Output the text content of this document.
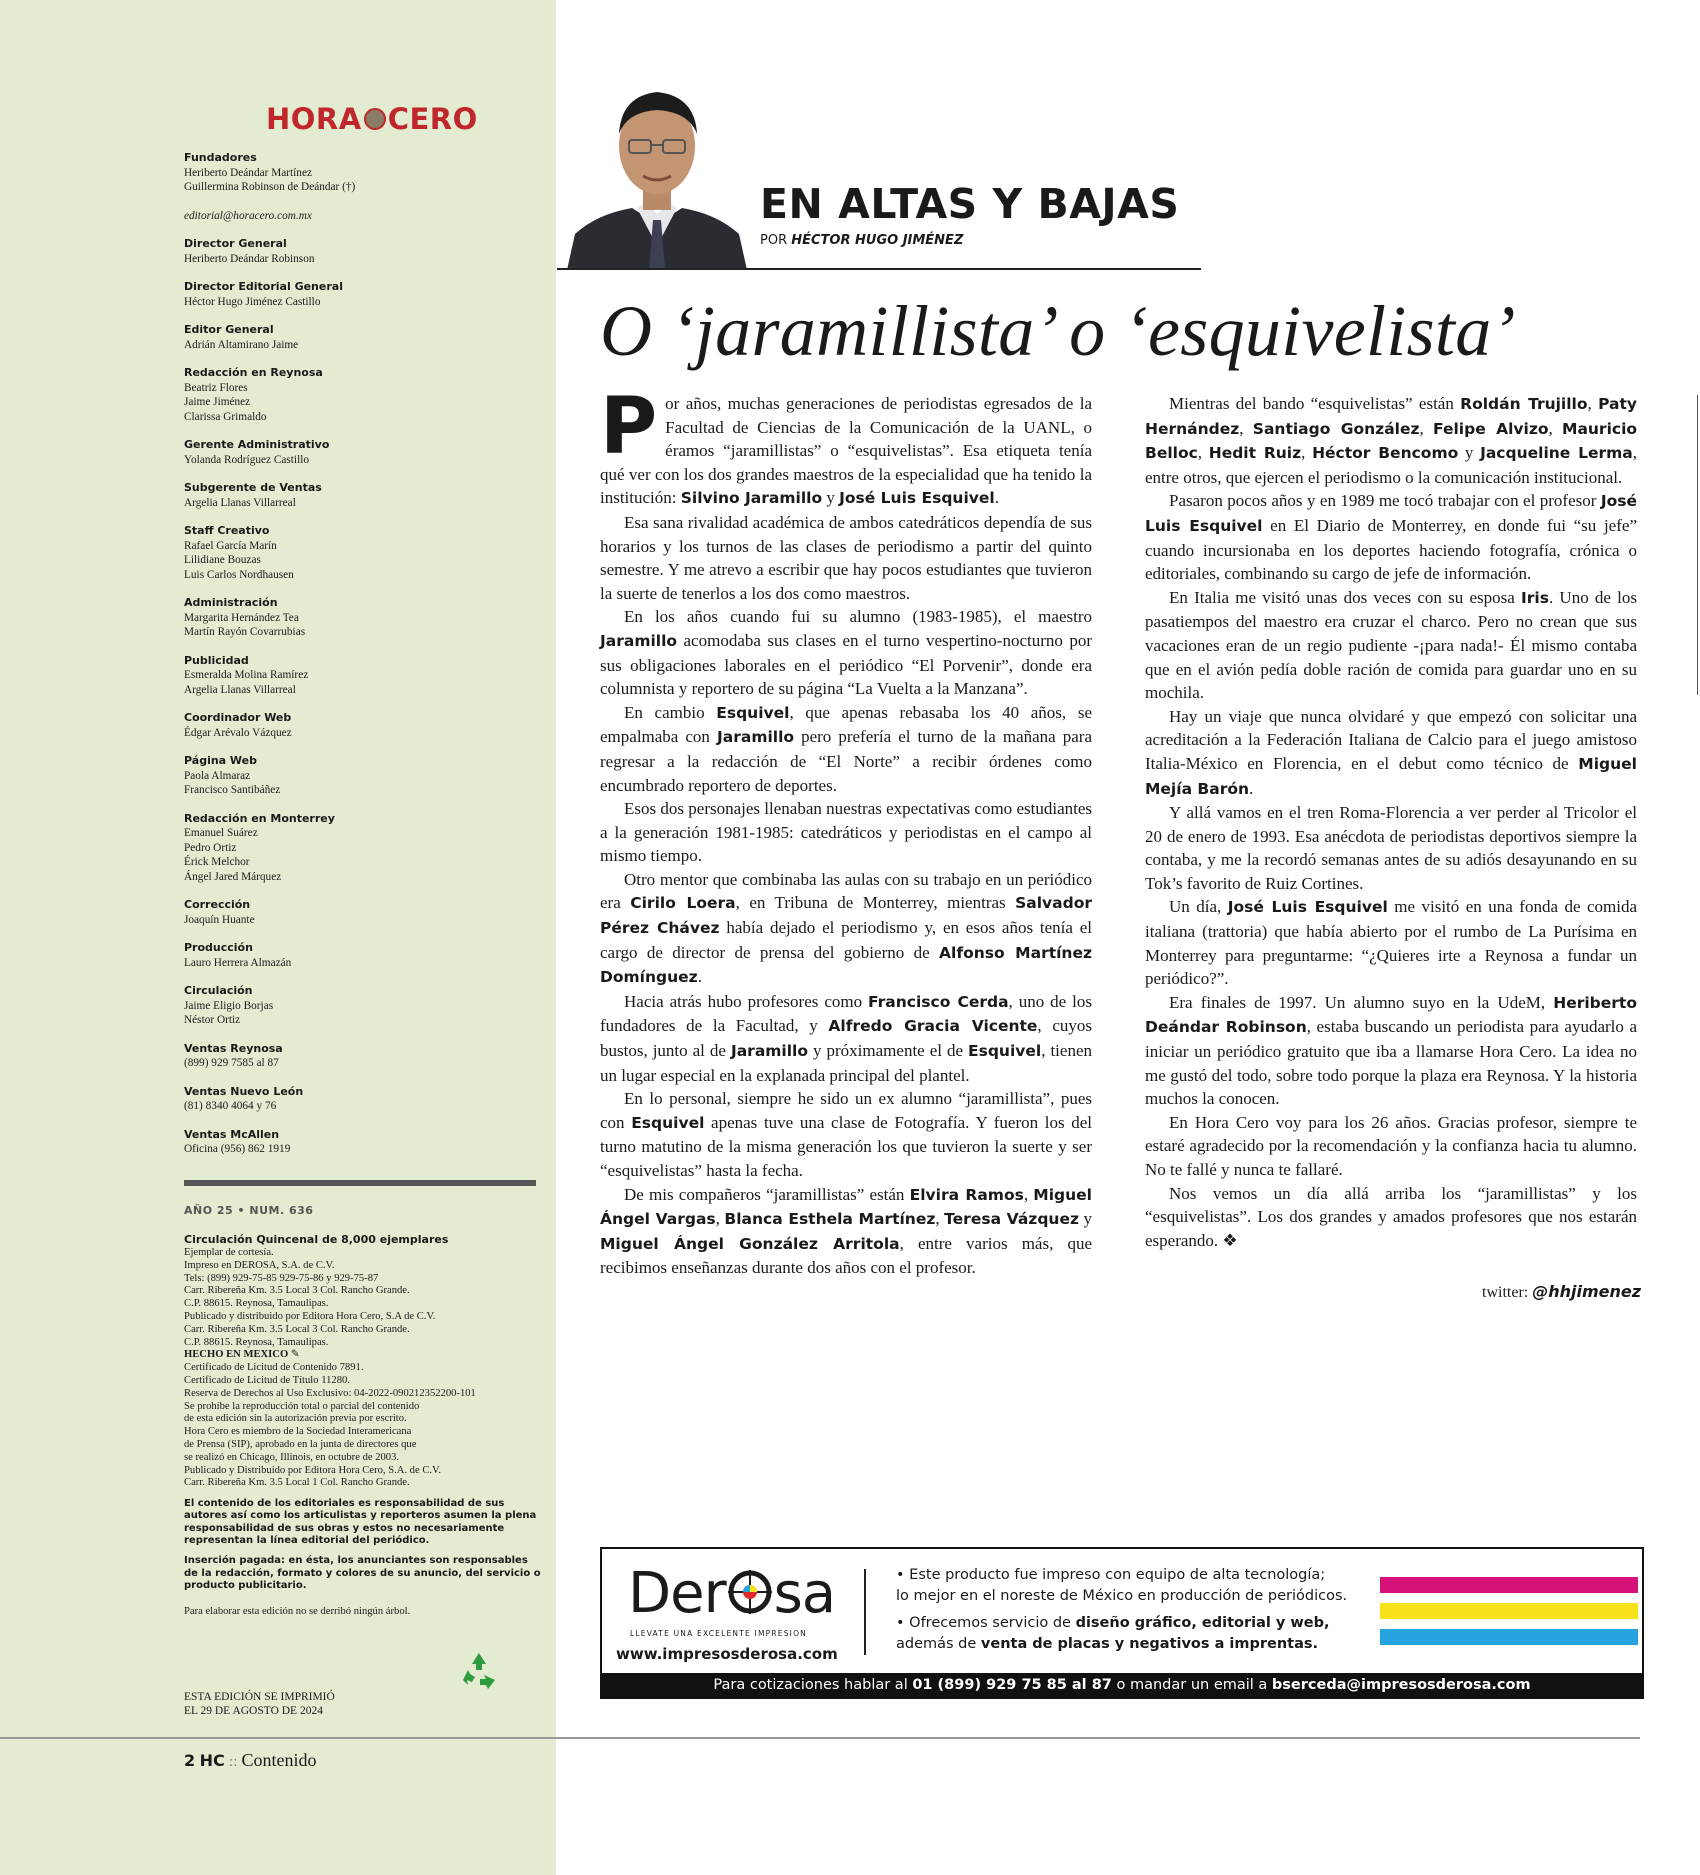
HORA CERO
Fundadores
Heriberto Deándar Martínez
Guillermina Robinson de Deándar (†)
editorial@horacero.com.mx
Director General
Heriberto Deándar Robinson
Director Editorial General
Héctor Hugo Jiménez Castillo
Editor General
Adrián Altamirano Jaime
Redacción en Reynosa
Beatriz Flores
Jaime Jiménez
Clarissa Grimaldo
Gerente Administrativo
Yolanda Rodríguez Castillo
Subgerente de Ventas
Argelia Llanas Villarreal
Staff Creativo
Rafael García Marín
Lilidiane Bouzas
Luis Carlos Nordhausen
Administración
Margarita Hernández Tea
Martín Rayón Covarrubias
Publicidad
Esmeralda Molina Ramírez
Argelia Llanas Villarreal
Coordinador Web
Édgar Arévalo Vázquez
Página Web
Paola Almaraz
Francisco Santibáñez
Redacción en Monterrey
Emanuel Suárez
Pedro Ortiz
Érick Melchor
Ángel Jared Márquez
Corrección
Joaquín Huante
Producción
Lauro Herrera Almazán
Circulación
Jaime Eligio Borjas
Néstor Ortiz
Ventas Reynosa
(899) 929 7585 al 87
Ventas Nuevo León
(81) 8340 4064 y 76
Ventas McAllen
Oficina (956) 862 1919
AÑO 25 • NUM. 636
Circulación Quincenal de 8,000 ejemplares
Ejemplar de cortesía.
Impreso en DEROSA, S.A. de C.V.
Tels: (899) 929-75-85 929-75-86 y 929-75-87
Carr. Ribereña Km. 3.5 Local 3 Col. Rancho Grande.
C.P. 88615. Reynosa, Tamaulipas.
Publicado y distribuido por Editora Hora Cero, S.A de C.V.
Carr. Ribereña Km. 3.5 Local 3 Col. Rancho Grande.
C.P. 88615. Reynosa, Tamaulipas.
HECHO EN MEXICO ✎
Certificado de Licitud de Contenido 7891.
Certificado de Licitud de Título 11280.
Reserva de Derechos al Uso Exclusivo: 04-2022-090212352200-101
Se prohíbe la reproducción total o parcial del contenido
de esta edición sin la autorización previa por escrito.
Hora Cero es miembro de la Sociedad Interamericana
de Prensa (SIP), aprobado en la junta de directores que
se realizó en Chicago, Illinois, en octubre de 2003.
Publicado y Distribuido por Editora Hora Cero, S.A. de C.V.
Carr. Ribereña Km. 3.5 Local 1 Col. Rancho Grande.
El contenido de los editoriales es responsabilidad de sus autores así como los articulistas y reporteros asumen la plena responsabilidad de sus obras y estos no necesariamente representan la línea editorial del periódico.
Inserción pagada: en ésta, los anunciantes son responsables de la redacción, formato y colores de su anuncio, del servicio o producto publicitario.
Para elaborar esta edición no se derribó ningún árbol.
ESTA EDICIÓN SE IMPRIMIÓ
EL 29 DE AGOSTO DE 2024
2 HC :: Contenido
EN ALTAS Y BAJAS
POR HÉCTOR HUGO JIMÉNEZ
O ‘jaramillista’ o ‘esquivelista’

Por años, muchas generaciones de periodistas egresados de la Facultad de Ciencias de la Comunicación de la UANL, o éramos “jaramillistas” o “esquivelistas”. Esa etiqueta tenía qué ver con los dos grandes maestros de la especialidad que ha tenido la institución: Silvino Jaramillo y José Luis Esquivel.

Esa sana rivalidad académica de ambos catedráticos dependía de sus horarios y los turnos de las clases de periodismo a partir del quinto semestre. Y me atrevo a escribir que hay pocos estudiantes que tuvieron la suerte de tenerlos a los dos como maestros.

En los años cuando fui su alumno (1983-1985), el maestro Jaramillo acomodaba sus clases en el turno vespertino-nocturno por sus obligaciones laborales en el periódico “El Porvenir”, donde era columnista y reportero de su página “La Vuelta a la Manzana”.

En cambio Esquivel, que apenas rebasaba los 40 años, se empalmaba con Jaramillo pero prefería el turno de la mañana para regresar a la redacción de “El Norte” a recibir órdenes como encumbrado reportero de deportes.

Esos dos personajes llenaban nuestras expectativas como estudiantes a la generación 1981-1985: catedráticos y periodistas en el campo al mismo tiempo.

Otro mentor que combinaba las aulas con su trabajo en un periódico era Cirilo Loera, en Tribuna de Monterrey, mientras Salvador Pérez Chávez había dejado el periodismo y, en esos años tenía el cargo de director de prensa del gobierno de Alfonso Martínez Domínguez.

Hacia atrás hubo profesores como Francisco Cerda, uno de los fundadores de la Facultad, y Alfredo Gracia Vicente, cuyos bustos, junto al de Jaramillo y próximamente el de Esquivel, tienen un lugar especial en la explanada principal del plantel.

En lo personal, siempre he sido un ex alumno “jaramillista”, pues con Esquivel apenas tuve una clase de Fotografía. Y fueron los del turno matutino de la misma generación los que tuvieron la suerte y ser “esquivelistas” hasta la fecha.

De mis compañeros “jaramillistas” están Elvira Ramos, Miguel Ángel Vargas, Blanca Esthela Martínez, Teresa Vázquez y Miguel Ángel González Arritola, entre varios más, que recibimos enseñanzas durante dos años con el profesor.

Mientras del bando “esquivelistas” están Roldán Trujillo, Paty Hernández, Santiago González, Felipe Alvizo, Mauricio Belloc, Hedit Ruiz, Héctor Bencomo y Jacqueline Lerma, entre otros, que ejercen el periodismo o la comunicación institucional.

Pasaron pocos años y en 1989 me tocó trabajar con el profesor José Luis Esquivel en El Diario de Monterrey, en donde fui “su jefe” cuando incursionaba en los deportes haciendo fotografía, crónica o editoriales, combinando su cargo de jefe de información.

En Italia me visitó unas dos veces con su esposa Iris. Uno de los pasatiempos del maestro era cruzar el charco. Pero no crean que sus vacaciones eran de un regio pudiente -¡para nada!- Él mismo contaba que en el avión pedía doble ración de comida para guardar uno en su mochila.

Hay un viaje que nunca olvidaré y que empezó con solicitar una acreditación a la Federación Italiana de Calcio para el juego amistoso Italia-México en Florencia, en el debut como técnico de Miguel Mejía Barón.

Y allá vamos en el tren Roma-Florencia a ver perder al Tricolor el 20 de enero de 1993. Esa anécdota de periodistas deportivos siempre la contaba, y me la recordó semanas antes de su adiós desayunando en su Tok’s favorito de Ruiz Cortines.

Un día, José Luis Esquivel me visitó en una fonda de comida italiana (trattoria) que había abierto por el rumbo de La Purísima en Monterrey para preguntarme: “¿Quieres irte a Reynosa a fundar un periódico?”.

Era finales de 1997. Un alumno suyo en la UdeM, Heriberto Deándar Robinson, estaba buscando un periodista para ayudarlo a iniciar un periódico gratuito que iba a llamarse Hora Cero. La idea no me gustó del todo, sobre todo porque la plaza era Reynosa. Y la historia muchos la conocen.

En Hora Cero voy para los 26 años. Gracias profesor, siempre te estaré agradecido por la recomendación y la confianza hacia tu alumno. No te fallé y nunca te fallaré.

Nos vemos un día allá arriba los “jaramillistas” y los “esquivelistas”. Los dos grandes y amados profesores que nos estarán esperando. ❖

twitter: @hhjimenez
Der sa
LLEVATE UNA EXCELENTE IMPRESION
www.impresosderosa.com

• Este producto fue impreso con equipo de alta tecnología;
lo mejor en el noreste de México en producción de periódicos.

• Ofrecemos servicio de diseño gráfico, editorial y web,
además de venta de placas y negativos a imprentas.

Para cotizaciones hablar al 01 (899) 929 75 85 al 87 o mandar un email a bserceda@impresosderosa.com
